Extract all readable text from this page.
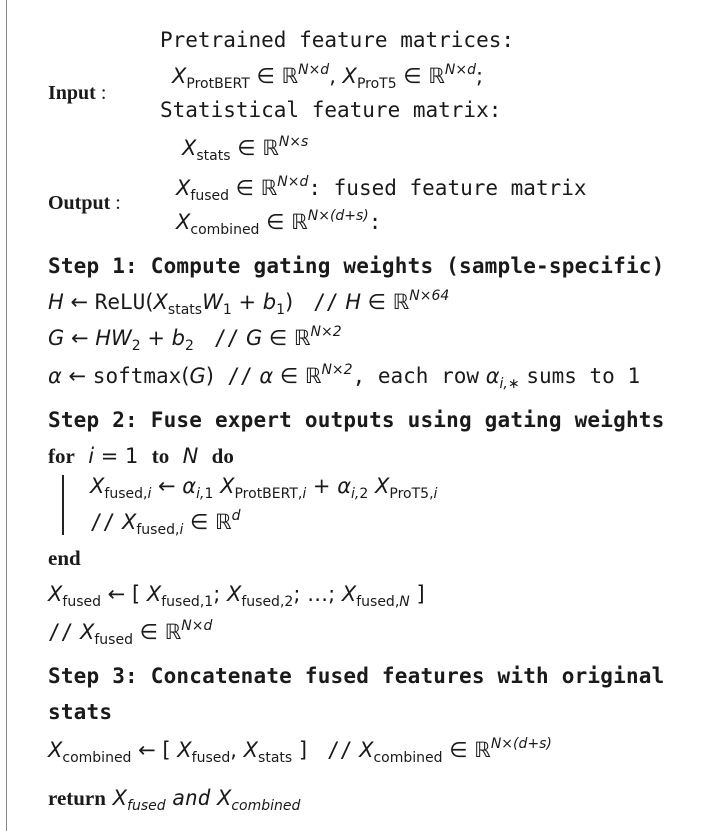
Input :
Pretrained feature matrices:
$X_{ProtBERT}$ ∈ ℝ$^{N\times d}$, $X_{ProT5}$ ∈ ℝ$^{N\times d}$;
Statistical feature matrix:
$X_{stats}$ ∈ ℝ$^{N\times s}$
Output :
$X_{fused}$ ∈ ℝ$^{N\times d}$: fused feature matrix
$X_{combined}$ ∈ ℝ$^{N\times(d+s)}$:
Step 1: Compute gating weights (sample-specific)
H ← $ReLU(X_{stats}W_1 + b_1) // H$ ∈ ℝ$^{N\times 64}$
G ← $HW_2 + b_2 // G$ ∈ ℝ$^{N\times 2}$
α ← softmax(G)  // α ∈ ℝ$^{N\times 2}$, each row $\alpha_{i,∗}$ sums to 1
Step 2: Fuse expert outputs using gating weights
for i = 1  to N do
$X_{fused,i}$ ← $\alpha_{i,1}$ $X_{ProtBERT,i} + \alpha_{i,2}$ $X_{ProT5,i}$
// $X_{fused,i}$ ∈ ℝ$^d$
end
$X_{fused}$ ← [ $X_{fused,1}$; $X_{fused,2}$; …; $X_{fused,N}$ ]
// $X_{fused}$ ∈ ℝ$^{N\times d}$
Step 3: Concatenate fused features with original
stats
$X_{combined}$ ← [ $X_{fused}$, $X_{stats}$ ]   // $X_{combined}$ ∈ ℝ$^{N\times(d+s)}$
return $X_{fused}$ and $X_{combined}$
